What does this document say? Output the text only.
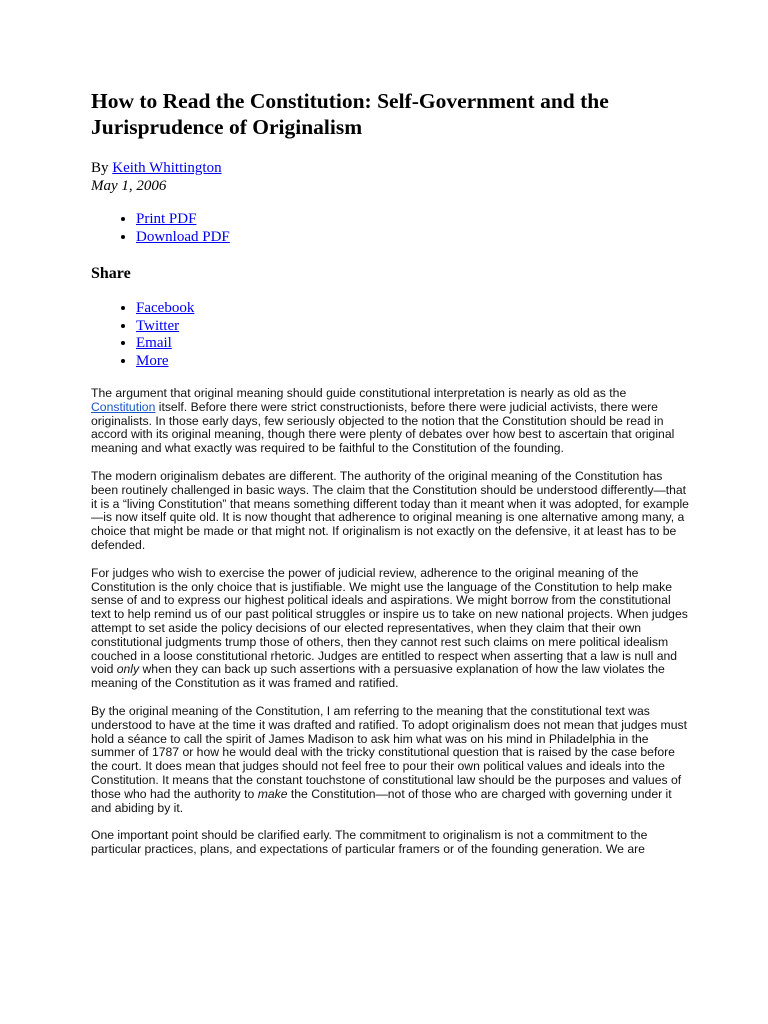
How to Read the Constitution: Self-Government and the Jurisprudence of Originalism
By Keith Whittington
May 1, 2006
• Print PDF
• Download PDF
Share
• Facebook
• Twitter
• Email
• More

The argument that original meaning should guide constitutional interpretation is nearly as old as the Constitution itself. Before there were strict constructionists, before there were judicial activists, there were originalists. In those early days, few seriously objected to the notion that the Constitution should be read in accord with its original meaning, though there were plenty of debates over how best to ascertain that original meaning and what exactly was required to be faithful to the Constitution of the founding.

The modern originalism debates are different. The authority of the original meaning of the Constitution has been routinely challenged in basic ways. The claim that the Constitution should be understood differently—that it is a “living Constitution” that means something different today than it meant when it was adopted, for example—is now itself quite old. It is now thought that adherence to original meaning is one alternative among many, a choice that might be made or that might not. If originalism is not exactly on the defensive, it at least has to be defended.

For judges who wish to exercise the power of judicial review, adherence to the original meaning of the Constitution is the only choice that is justifiable. We might use the language of the Constitution to help make sense of and to express our highest political ideals and aspirations. We might borrow from the constitutional text to help remind us of our past political struggles or inspire us to take on new national projects. When judges attempt to set aside the policy decisions of our elected representatives, when they claim that their own constitutional judgments trump those of others, then they cannot rest such claims on mere political idealism couched in a loose constitutional rhetoric. Judges are entitled to respect when asserting that a law is null and void only when they can back up such assertions with a persuasive explanation of how the law violates the meaning of the Constitution as it was framed and ratified.

By the original meaning of the Constitution, I am referring to the meaning that the constitutional text was understood to have at the time it was drafted and ratified. To adopt originalism does not mean that judges must hold a séance to call the spirit of James Madison to ask him what was on his mind in Philadelphia in the summer of 1787 or how he would deal with the tricky constitutional question that is raised by the case before the court. It does mean that judges should not feel free to pour their own political values and ideals into the Constitution. It means that the constant touchstone of constitutional law should be the purposes and values of those who had the authority to make the Constitution—not of those who are charged with governing under it and abiding by it.

One important point should be clarified early. The commitment to originalism is not a commitment to the particular practices, plans, and expectations of particular framers or of the founding generation. We are
